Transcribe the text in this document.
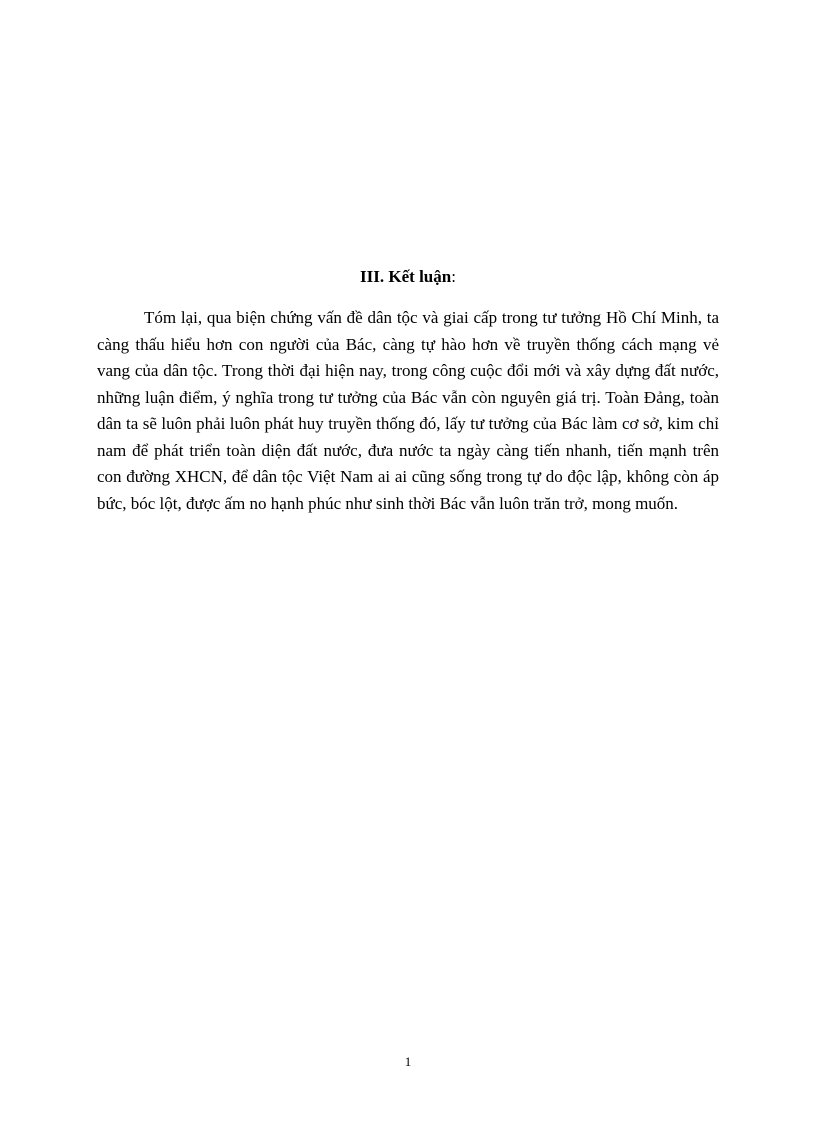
III. Kết luận:

Tóm lại, qua biện chứng vấn đề dân tộc và giai cấp trong tư tưởng Hồ Chí Minh, ta càng thấu hiểu hơn con người của Bác, càng tự hào hơn về truyền thống cách mạng vẻ vang của dân tộc. Trong thời đại hiện nay, trong công cuộc đổi mới và xây dựng đất nước, những luận điểm, ý nghĩa trong tư tưởng của Bác vẫn còn nguyên giá trị. Toàn Đảng, toàn dân ta sẽ luôn phải luôn phát huy truyền thống đó, lấy tư tưởng của Bác làm cơ sở, kim chỉ nam để phát triển toàn diện đất nước, đưa nước ta ngày càng tiến nhanh, tiến mạnh trên con đường XHCN, để dân tộc Việt Nam ai ai cũng sống trong tự do độc lập, không còn áp bức, bóc lột, được ấm no hạnh phúc như sinh thời Bác vẫn luôn trăn trở, mong muốn.

1
